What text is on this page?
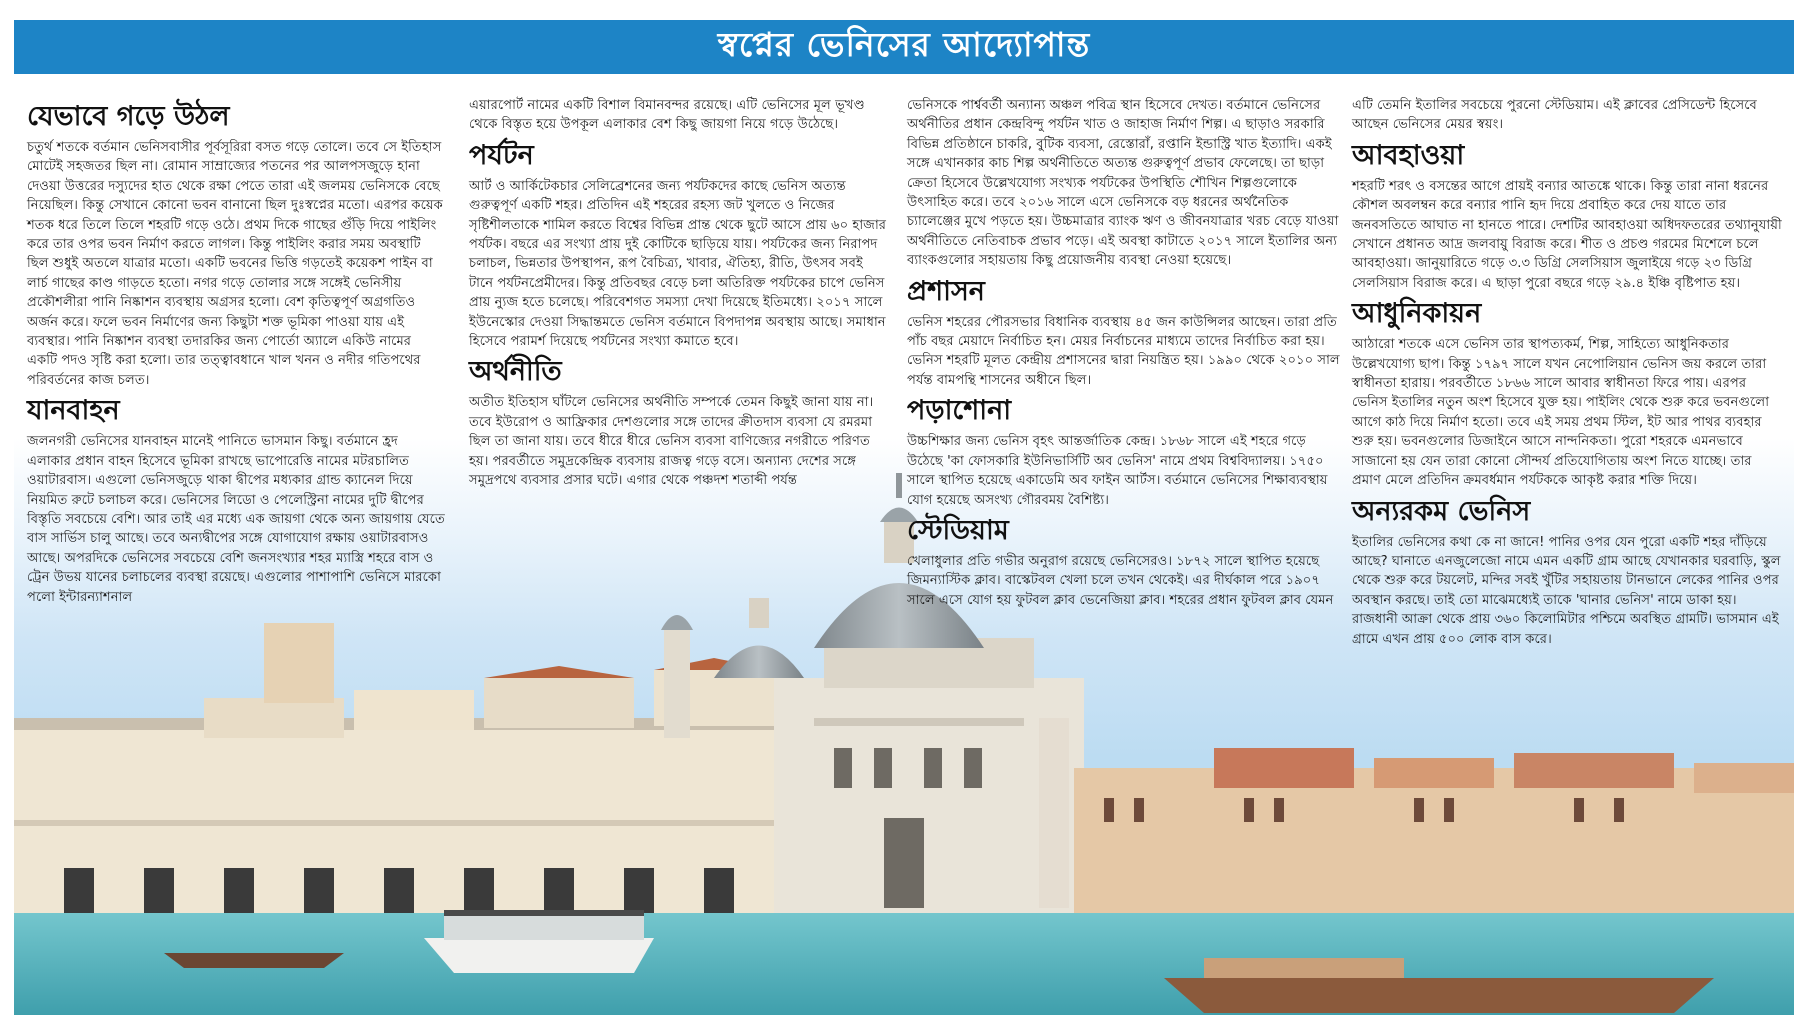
স্বপ্নের ভেনিসের আদ্যোপান্ত
যেভাবে গড়ে উঠল

চতুর্থ শতকে বর্তমান ভেনিসবাসীর পূর্বসূরিরা বসত গড়ে তোলে। তবে সে ইতিহাস মোটেই সহজতর ছিল না। রোমান সাম্রাজ্যের পতনের পর আলপসজুড়ে হানা দেওয়া উত্তরের দস্যুদের হাত থেকে রক্ষা পেতে তারা এই জলময় ভেনিসকে বেছে নিয়েছিল। কিন্তু সেখানে কোনো ভবন বানানো ছিল দুঃস্বপ্নের মতো। এরপর কয়েক শতক ধরে তিলে তিলে শহরটি গড়ে ওঠে। প্রথম দিকে গাছের গুঁড়ি দিয়ে পাইলিং করে তার ওপর ভবন নির্মাণ করতে লাগল। কিন্তু পাইলিং করার সময় অবস্থাটি ছিল শুধুই অতলে যাত্রার মতো। একটি ভবনের ভিত্তি গড়তেই কয়েকশ পাইন বা লার্চ গাছের কাণ্ড গাড়তে হতো। নগর গড়ে তোলার সঙ্গে সঙ্গেই ভেনিসীয় প্রকৌশলীরা পানি নিষ্কাশন ব্যবস্থায় অগ্রসর হলো। বেশ কৃতিত্বপূর্ণ অগ্রগতিও অর্জন করে। ফলে ভবন নির্মাণের জন্য কিছুটা শক্ত ভূমিকা পাওয়া যায় এই ব্যবস্থার। পানি নিষ্কাশন ব্যবস্থা তদারকির জন্য পোর্তো অ্যালে একিউ নামের একটি পদও সৃষ্টি করা হলো। তার তত্ত্বাবধানে খাল খনন ও নদীর গতিপথের পরিবর্তনের কাজ চলত।

যানবাহন

জলনগরী ভেনিসের যানবাহন মানেই পানিতে ভাসমান কিছু। বর্তমানে হ্রদ এলাকার প্রধান বাহন হিসেবে ভূমিকা রাখছে ভাপোরেত্তি নামের মটরচালিত ওয়াটারবাস। এগুলো ভেনিসজুড়ে থাকা দ্বীপের মধ্যকার গ্রান্ড ক্যানেল দিয়ে নিয়মিত রুটে চলাচল করে। ভেনিসের লিডো ও পেলেস্ট্রিনা নামের দুটি দ্বীপের বিস্তৃতি সবচেয়ে বেশি। আর তাই এর মধ্যে এক জায়গা থেকে অন্য জায়গায় যেতে বাস সার্ভিস চালু আছে। তবে অন্যদ্বীপের সঙ্গে যোগাযোগ রক্ষায় ওয়াটারবাসও আছে। অপরদিকে ভেনিসের সবচেয়ে বেশি জনসংখ্যার শহর ম্যাস্ত্রি শহরে বাস ও ট্রেন উভয় যানের চলাচলের ব্যবস্থা রয়েছে। এগুলোর পাশাপাশি ভেনিসে মারকো পলো ইন্টারন্যাশনাল

এয়ারপোর্ট নামের একটি বিশাল বিমানবন্দর রয়েছে। এটি ভেনিসের মূল ভূখণ্ড থেকে বিস্তৃত হয়ে উপকূল এলাকার বেশ কিছু জায়গা নিয়ে গড়ে উঠেছে।

পর্যটন

আর্ট ও আর্কিটেকচার সেলিব্রেশনের জন্য পর্যটকদের কাছে ভেনিস অত্যন্ত গুরুত্বপূর্ণ একটি শহর। প্রতিদিন এই শহরের রহস্য জট খুলতে ও নিজের সৃষ্টিশীলতাকে শামিল করতে বিশ্বের বিভিন্ন প্রান্ত থেকে ছুটে আসে প্রায় ৬০ হাজার পর্যটক। বছরে এর সংখ্যা প্রায় দুই কোটিকে ছাড়িয়ে যায়। পর্যটকের জন্য নিরাপদ চলাচল, ভিন্নতার উপস্থাপন, রূপ বৈচিত্র্য, খাবার, ঐতিহ্য, রীতি, উৎসব সবই টানে পর্যটনপ্রেমীদের। কিন্তু প্রতিবছর বেড়ে চলা অতিরিক্ত পর্যটকের চাপে ভেনিস প্রায় ন্যুজ হতে চলেছে। পরিবেশগত সমস্যা দেখা দিয়েছে ইতিমধ্যে। ২০১৭ সালে ইউনেস্কোর দেওয়া সিদ্ধান্তমতে ভেনিস বর্তমানে বিপদাপন্ন অবস্থায় আছে। সমাধান হিসেবে পরামর্শ দিয়েছে পর্যটনের সংখ্যা কমাতে হবে।

অর্থনীতি

অতীত ইতিহাস ঘাঁটলে ভেনিসের অর্থনীতি সম্পর্কে তেমন কিছুই জানা যায় না। তবে ইউরোপ ও আফ্রিকার দেশগুলোর সঙ্গে তাদের ক্রীতদাস ব্যবসা যে রমরমা ছিল তা জানা যায়। তবে ধীরে ধীরে ভেনিস ব্যবসা বাণিজ্যের নগরীতে পরিণত হয়। পরবর্তীতে সমুদ্রকেন্দ্রিক ব্যবসায় রাজত্ব গড়ে বসে। অন্যান্য দেশের সঙ্গে সমুদ্রপথে ব্যবসার প্রসার ঘটে। এগার থেকে পঞ্চদশ শতাব্দী পর্যন্ত

ভেনিসকে পার্শ্ববর্তী অন্যান্য অঞ্চল পবিত্র স্থান হিসেবে দেখত। বর্তমানে ভেনিসের অর্থনীতির প্রধান কেন্দ্রবিন্দু পর্যটন খাত ও জাহাজ নির্মাণ শিল্প। এ ছাড়াও সরকারি বিভিন্ন প্রতিষ্ঠানে চাকরি, বুটিক ব্যবসা, রেস্তোরাঁ, রপ্তানি ইন্ডাস্ট্রি খাত ইত্যাদি। একই সঙ্গে এখানকার কাচ শিল্প অর্থনীতিতে অত্যন্ত গুরুত্বপূর্ণ প্রভাব ফেলেছে। তা ছাড়া ক্রেতা হিসেবে উল্লেখযোগ্য সংখ্যক পর্যটকের উপস্থিতি শৌখিন শিল্পগুলোকে উৎসাহিত করে। তবে ২০১৬ সালে এসে ভেনিসকে বড় ধরনের অর্থনৈতিক চ্যালেঞ্জের মুখে পড়তে হয়। উচ্চমাত্রার ব্যাংক ঋণ ও জীবনযাত্রার খরচ বেড়ে যাওয়া অর্থনীতিতে নেতিবাচক প্রভাব পড়ে। এই অবস্থা কাটাতে ২০১৭ সালে ইতালির অন্য ব্যাংকগুলোর সহায়তায় কিছু প্রয়োজনীয় ব্যবস্থা নেওয়া হয়েছে।

প্রশাসন

ভেনিস শহরের পৌরসভার বিধানিক ব্যবস্থায় ৪৫ জন কাউন্সিলর আছেন। তারা প্রতি পাঁচ বছর মেয়াদে নির্বাচিত হন। মেয়র নির্বাচনের মাধ্যমে তাদের নির্বাচিত করা হয়। ভেনিস শহরটি মূলত কেন্দ্রীয় প্রশাসনের দ্বারা নিয়ন্ত্রিত হয়। ১৯৯০ থেকে ২০১০ সাল পর্যন্ত বামপন্থি শাসনের অধীনে ছিল।

পড়াশোনা

উচ্চশিক্ষার জন্য ভেনিস বৃহৎ আন্তর্জাতিক কেন্দ্র। ১৮৬৮ সালে এই শহরে গড়ে উঠেছে 'কা ফোসকারি ইউনিভার্সিটি অব ভেনিস' নামে প্রথম বিশ্ববিদ্যালয়। ১৭৫০ সালে স্থাপিত হয়েছে একাডেমি অব ফাইন আর্টস। বর্তমানে ভেনিসের শিক্ষাব্যবস্থায় যোগ হয়েছে অসংখ্য গৌরবময় বৈশিষ্ট্য।

স্টেডিয়াম

খেলাধুলার প্রতি গভীর অনুরাগ রয়েছে ভেনিসেরও। ১৮৭২ সালে স্থাপিত হয়েছে জিমন্যাস্টিক ক্লাব। বাস্কেটবল খেলা চলে তখন থেকেই। এর দীর্ঘকাল পরে ১৯০৭ সালে এসে যোগ হয় ফুটবল ক্লাব ভেনেজিয়া ক্লাব। শহরের প্রধান ফুটবল ক্লাব যেমন

এটি তেমনি ইতালির সবচেয়ে পুরনো স্টেডিয়াম। এই ক্লাবের প্রেসিডেন্ট হিসেবে আছেন ভেনিসের মেয়র স্বয়ং।

আবহাওয়া

শহরটি শরৎ ও বসন্তের আগে প্রায়ই বন্যার আতঙ্কে থাকে। কিন্তু তারা নানা ধরনের কৌশল অবলম্বন করে বন্যার পানি হৃদ দিয়ে প্রবাহিত করে দেয় যাতে তার জনবসতিতে আঘাত না হানতে পারে। দেশটির আবহাওয়া অধিদফতরের তথ্যানুযায়ী সেখানে প্রধানত আদ্র জলবায়ু বিরাজ করে। শীত ও প্রচণ্ড গরমের মিশেলে চলে আবহাওয়া। জানুয়ারিতে গড়ে ৩.৩ ডিগ্রি সেলসিয়াস জুলাইয়ে গড়ে ২৩ ডিগ্রি সেলসিয়াস বিরাজ করে। এ ছাড়া পুরো বছরে গড়ে ২৯.৪ ইঞ্চি বৃষ্টিপাত হয়।

আধুনিকায়ন

আঠারো শতকে এসে ভেনিস তার স্থাপত্যকর্ম, শিল্প, সাহিত্যে আধুনিকতার উল্লেখযোগ্য ছাপ। কিন্তু ১৭৯৭ সালে যখন নেপোলিয়ান ভেনিস জয় করলে তারা স্বাধীনতা হারায়। পরবর্তীতে ১৮৬৬ সালে আবার স্বাধীনতা ফিরে পায়। এরপর ভেনিস ইতালির নতুন অংশ হিসেবে যুক্ত হয়। পাইলিং থেকে শুরু করে ভবনগুলো আগে কাঠ দিয়ে নির্মাণ হতো। তবে এই সময় প্রথম স্টিল, ইট আর পাথর ব্যবহার শুরু হয়। ভবনগুলোর ডিজাইনে আসে নান্দনিকতা। পুরো শহরকে এমনভাবে সাজানো হয় যেন তারা কোনো সৌন্দর্য প্রতিযোগিতায় অংশ নিতে যাচ্ছে। তার প্রমাণ মেলে প্রতিদিন ক্রমবর্ধমান পর্যটককে আকৃষ্ট করার শক্তি দিয়ে।

অন্যরকম ভেনিস

ইতালির ভেনিসের কথা কে না জানে! পানির ওপর যেন পুরো একটি শহর দাঁড়িয়ে আছে? ঘানাতে এনজুলেজো নামে এমন একটি গ্রাম আছে যেখানকার ঘরবাড়ি, স্কুল থেকে শুরু করে টয়লেট, মন্দির সবই খুঁটির সহায়তায় টানভানে লেকের পানির ওপর অবস্থান করছে। তাই তো মাঝেমধ্যেই তাকে 'ঘানার ভেনিস' নামে ডাকা হয়। রাজধানী আক্রা থেকে প্রায় ৩৬০ কিলোমিটার পশ্চিমে অবস্থিত গ্রামটি। ভাসমান এই গ্রামে এখন প্রায় ৫০০ লোক বাস করে।
